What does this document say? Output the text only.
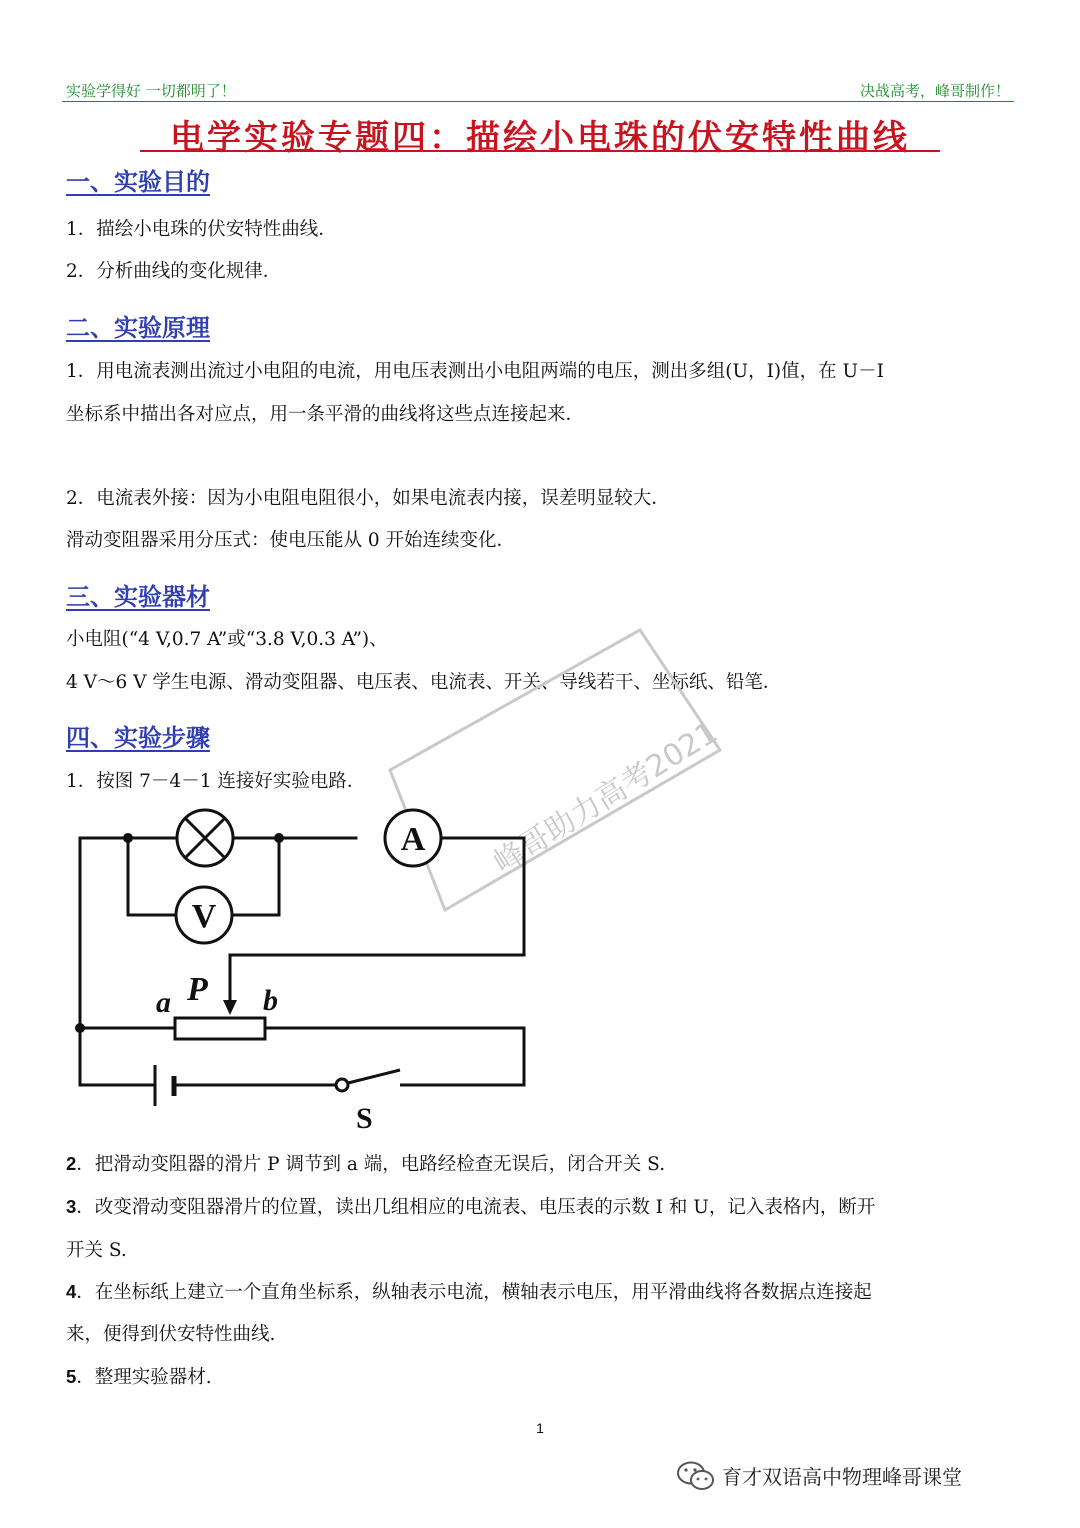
实验学得好 一切都明了！	决战高考，峰哥制作！
电学实验专题四：描绘小电珠的伏安特性曲线
一、实验目的
1．描绘小电珠的伏安特性曲线．
2．分析曲线的变化规律．
二、实验原理
1．用电流表测出流过小电阻的电流，用电压表测出小电阻两端的电压，测出多组(U，I)值，在 U－I
坐标系中描出各对应点，用一条平滑的曲线将这些点连接起来．
2．电流表外接：因为小电阻电阻很小，如果电流表内接，误差明显较大．
滑动变阻器采用分压式：使电压能从 0 开始连续变化．
三、实验器材
小电阻(“4 V,0.7 A”或“3.8 V,0.3 A”)、
4 V～6 V 学生电源、滑动变阻器、电压表、电流表、开关、导线若干、坐标纸、铅笔．
四、实验步骤
1．按图 7－4－1 连接好实验电路．	峰哥助力高考2021
A
V
a P b
S
2．把滑动变阻器的滑片 P 调节到 a 端，电路经检查无误后，闭合开关 S.
3．改变滑动变阻器滑片的位置，读出几组相应的电流表、电压表的示数 I 和 U，记入表格内，断开
开关 S.
4．在坐标纸上建立一个直角坐标系，纵轴表示电流，横轴表示电压，用平滑曲线将各数据点连接起
来，便得到伏安特性曲线.
5．整理实验器材.
1
育才双语高中物理峰哥课堂
